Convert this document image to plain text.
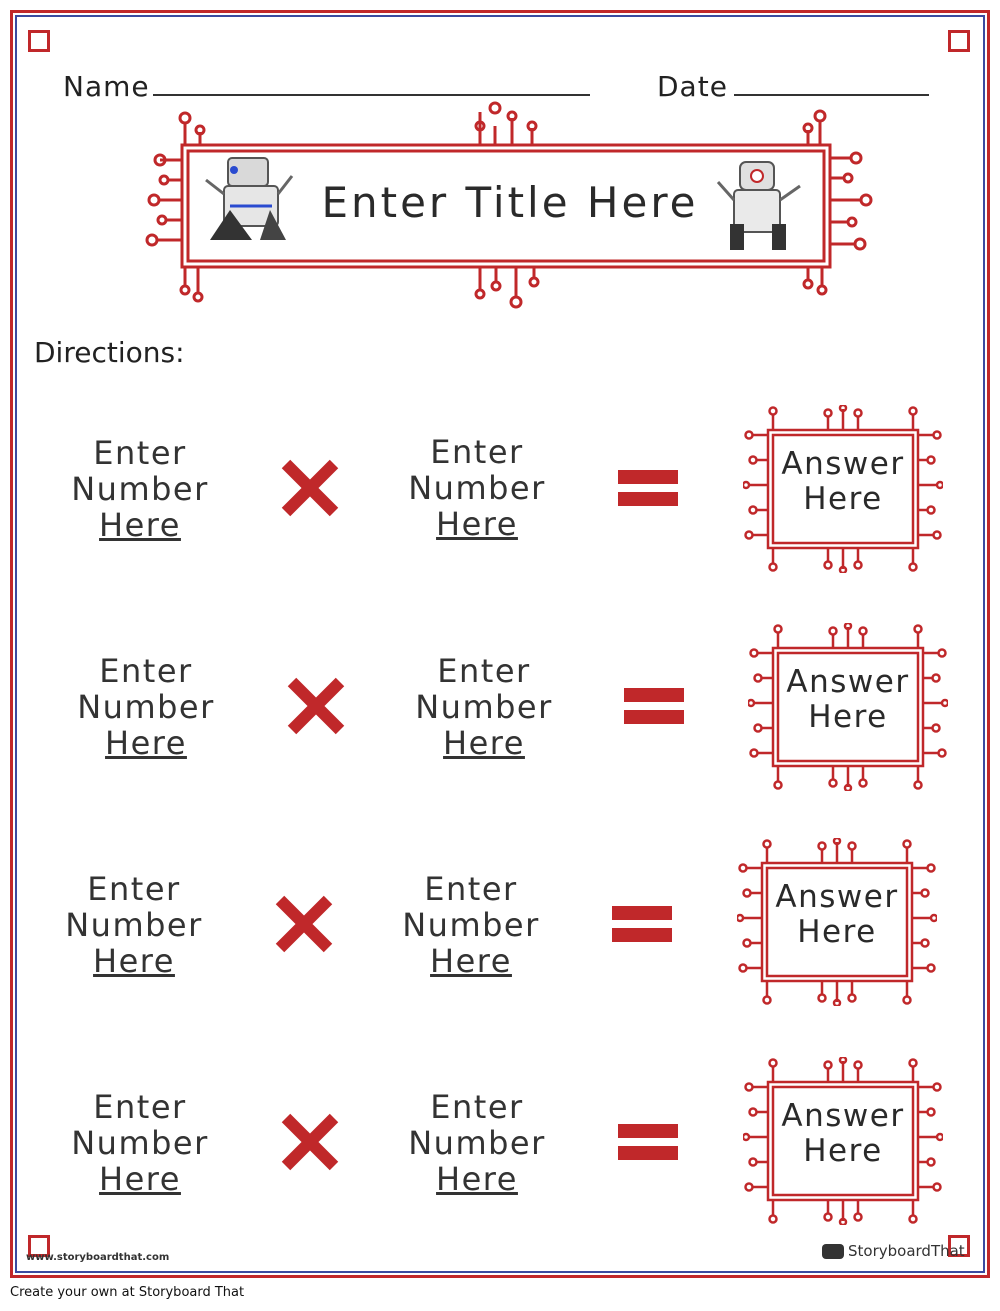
Name	Date
Enter Title Here
Directions:
Enter
Number
Here
Enter
Number
Here
Answer
Here
Enter
Number
Here
Enter
Number
Here
Answer
Here
Enter
Number
Here
Enter
Number
Here
Answer
Here
Enter
Number
Here
Enter
Number
Here
Answer
Here
www.storyboardthat.com	StoryboardThat
Create your own at Storyboard That
